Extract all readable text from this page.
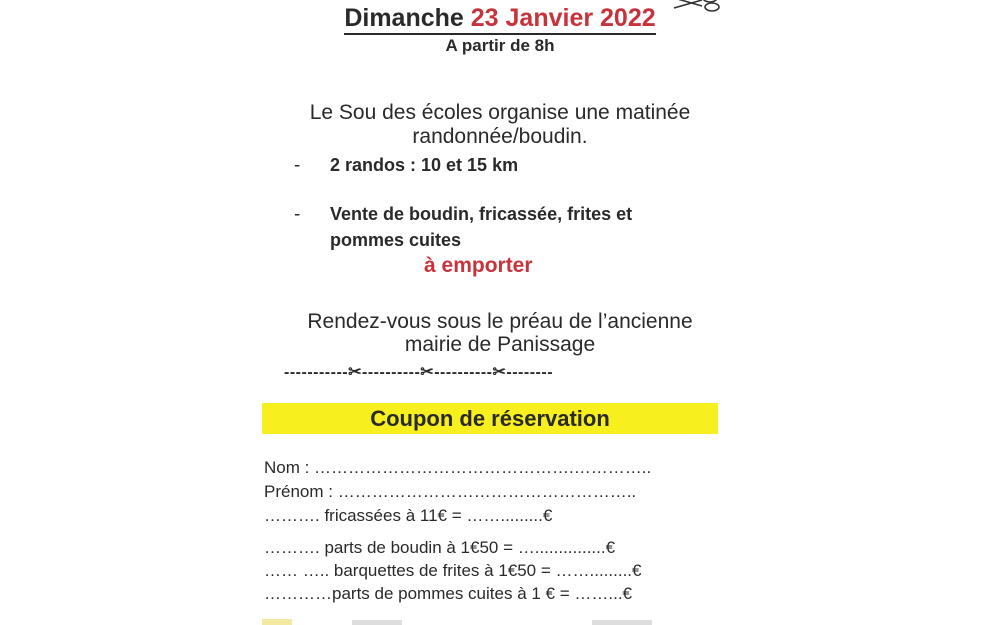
Dimanche 23 Janvier 2022
A partir de 8h
Le Sou des écoles organise une matinée
randonnée/boudin.
- 2 randos : 10 et 15 km
- Vente de boudin, fricassée, frites et
pommes cuites
à emporter
Rendez-vous sous le préau de l’ancienne
mairie de Panissage
-----------✂----------✂----------✂--------
Coupon de réservation
Nom : ……………………………………….…………..
Prénom : ……………………………………………..
………. fricassées à 11€ = …….........€
………. parts de boudin à 1€50 = …...............€
…… ….. barquettes de frites à 1€50 = …….........€
…………parts de pommes cuites à 1 € = ……...€
